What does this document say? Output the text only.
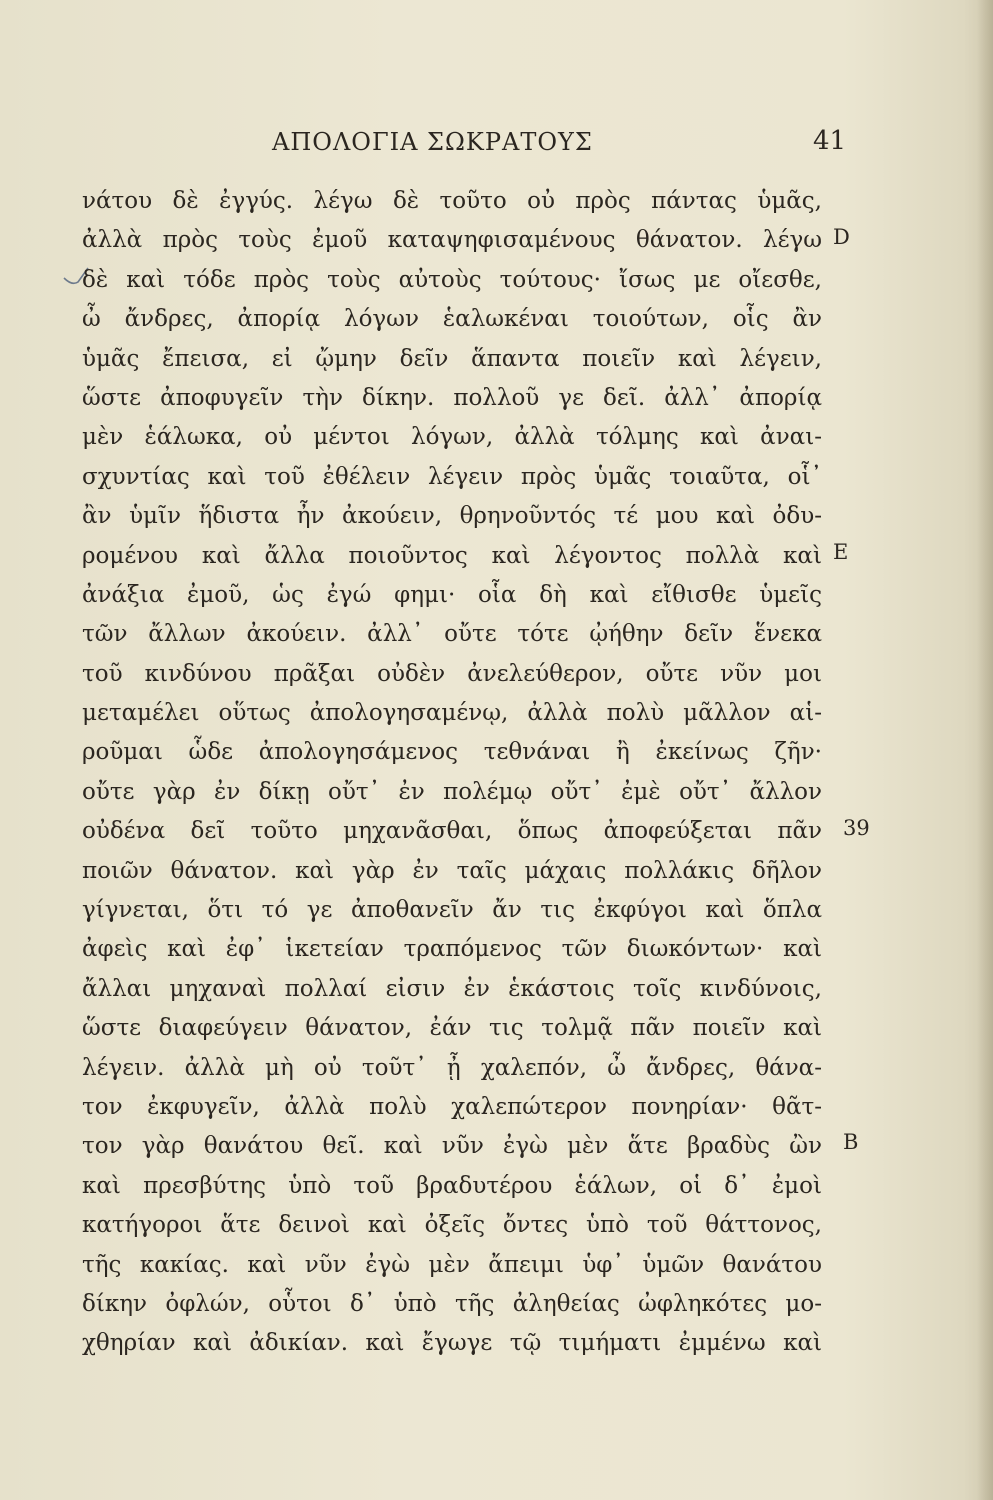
ΑΠΟΛΟΓΙΑ ΣΩΚΡΑΤΟΥΣ	41
νάτου δὲ ἐγγύς. λέγω δὲ τοῦτο οὐ πρὸς πάντας ὑμᾶς,
ἀλλὰ πρὸς τοὺς ἐμοῦ καταψηφισαμένους θάνατον. λέγω
δὲ καὶ τόδε πρὸς τοὺς αὐτοὺς τούτους· ἴσως με οἴεσθε,
ὦ ἄνδρες, ἀπορίᾳ λόγων ἑαλωκέναι τοιούτων, οἷς ἂν
ὑμᾶς ἔπεισα, εἰ ᾤμην δεῖν ἅπαντα ποιεῖν καὶ λέγειν,
ὥστε ἀποφυγεῖν τὴν δίκην. πολλοῦ γε δεῖ. ἀλλ᾿ ἀπορίᾳ
μὲν ἑάλωκα, οὐ μέντοι λόγων, ἀλλὰ τόλμης καὶ ἀναι-
σχυντίας καὶ τοῦ ἐθέλειν λέγειν πρὸς ὑμᾶς τοιαῦτα, οἷ᾿
ἂν ὑμῖν ἥδιστα ἦν ἀκούειν, θρηνοῦντός τέ μου καὶ ὀδυ-
ρομένου καὶ ἄλλα ποιοῦντος καὶ λέγοντος πολλὰ καὶ
ἀνάξια ἐμοῦ, ὡς ἐγώ φημι· οἷα δὴ καὶ εἴθισθε ὑμεῖς
τῶν ἄλλων ἀκούειν. ἀλλ᾿ οὔτε τότε ᾠήθην δεῖν ἕνεκα
τοῦ κινδύνου πρᾶξαι οὐδὲν ἀνελεύθερον, οὔτε νῦν μοι
μεταμέλει οὕτως ἀπολογησαμένῳ, ἀλλὰ πολὺ μᾶλλον αἱ-
ροῦμαι ὧδε ἀπολογησάμενος τεθνάναι ἢ ἐκείνως ζῆν·
οὔτε γὰρ ἐν δίκῃ οὔτ᾿ ἐν πολέμῳ οὔτ᾿ ἐμὲ οὔτ᾿ ἄλλον
οὐδένα δεῖ τοῦτο μηχανᾶσθαι, ὅπως ἀποφεύξεται πᾶν
ποιῶν θάνατον. καὶ γὰρ ἐν ταῖς μάχαις πολλάκις δῆλον
γίγνεται, ὅτι τό γε ἀποθανεῖν ἄν τις ἐκφύγοι καὶ ὅπλα
ἀφεὶς καὶ ἐφ᾿ ἱκετείαν τραπόμενος τῶν διωκόντων· καὶ
ἄλλαι μηχαναὶ πολλαί εἰσιν ἐν ἑκάστοις τοῖς κινδύνοις,
ὥστε διαφεύγειν θάνατον, ἐάν τις τολμᾷ πᾶν ποιεῖν καὶ
λέγειν. ἀλλὰ μὴ οὐ τοῦτ᾿ ᾖ χαλεπόν, ὦ ἄνδρες, θάνα-
τον ἐκφυγεῖν, ἀλλὰ πολὺ χαλεπώτερον πονηρίαν· θᾶτ-
τον γὰρ θανάτου θεῖ. καὶ νῦν ἐγὼ μὲν ἅτε βραδὺς ὢν
καὶ πρεσβύτης ὑπὸ τοῦ βραδυτέρου ἑάλων, οἱ δ᾿ ἐμοὶ
κατήγοροι ἅτε δεινοὶ καὶ ὀξεῖς ὄντες ὑπὸ τοῦ θάττονος,
τῆς κακίας. καὶ νῦν ἐγὼ μὲν ἄπειμι ὑφ᾿ ὑμῶν θανάτου
δίκην ὀφλών, οὗτοι δ᾿ ὑπὸ τῆς ἀληθείας ὠφληκότες μο-
χθηρίαν καὶ ἀδικίαν. καὶ ἔγωγε τῷ τιμήματι ἐμμένω καὶ
D
E
39
B
